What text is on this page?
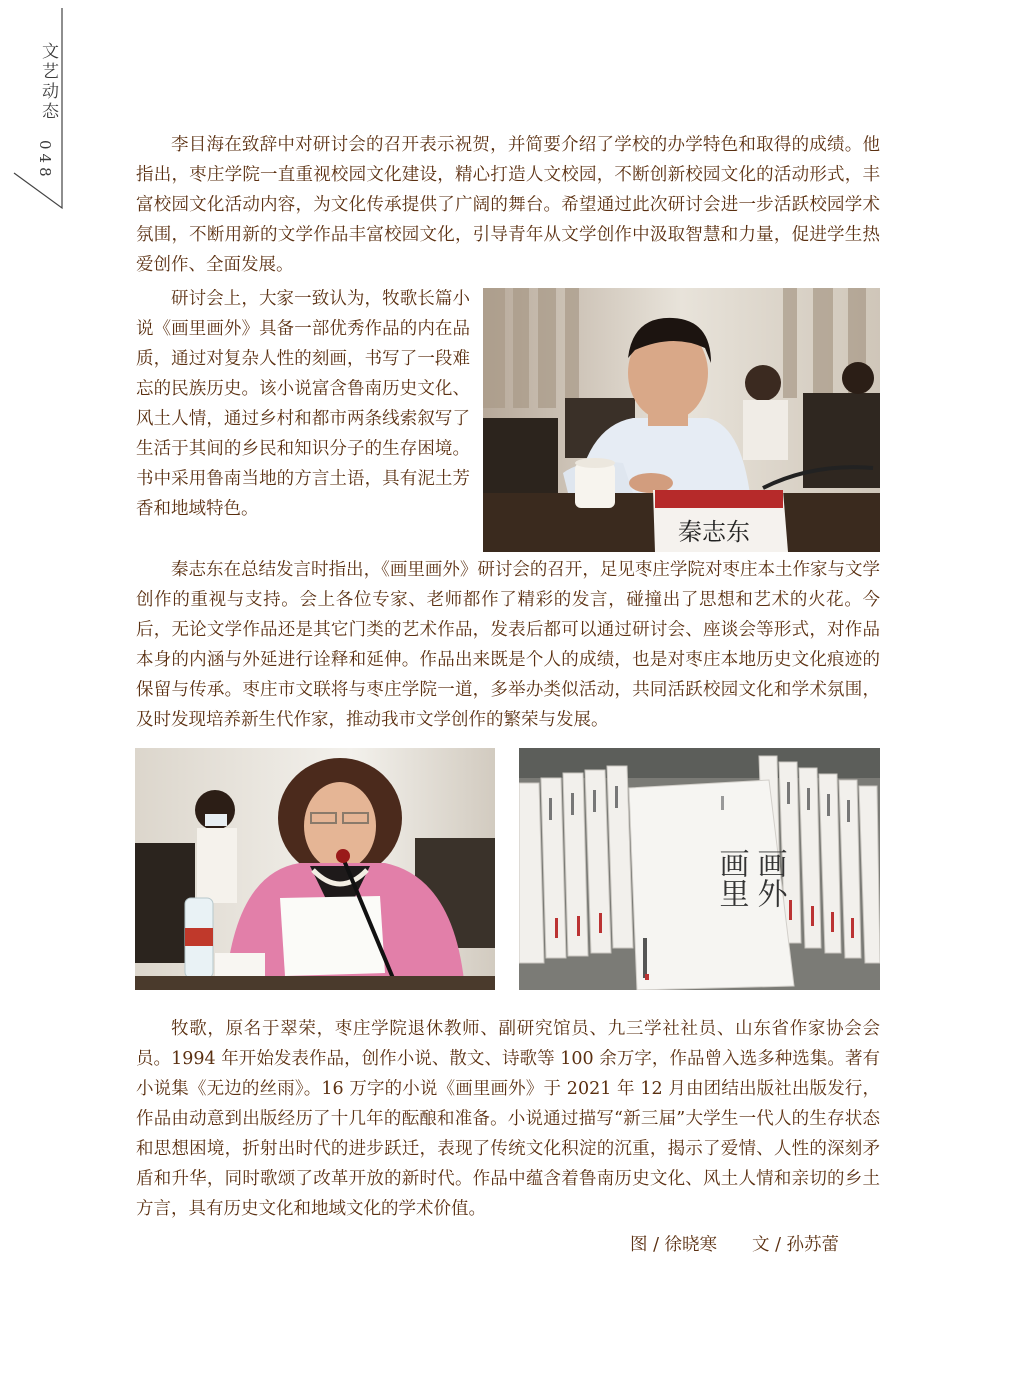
文艺动态
048	李目海在致辞中对研讨会的召开表示祝贺，并简要介绍了学校的办学特色和取得的成绩。他指出，枣庄学院一直重视校园文化建设，精心打造人文校园，不断创新校园文化的活动形式，丰富校园文化活动内容，为文化传承提供了广阔的舞台。希望通过此次研讨会进一步活跃校园学术氛围，不断用新的文学作品丰富校园文化，引导青年从文学创作中汲取智慧和力量，促进学生热爱创作、全面发展。

研讨会上，大家一致认为，牧歌长篇小说《画里画外》具备一部优秀作品的内在品质，通过对复杂人性的刻画，书写了一段难忘的民族历史。该小说富含鲁南历史文化、风土人情，通过乡村和都市两条线索叙写了生活于其间的乡民和知识分子的生存困境。书中采用鲁南当地的方言土语，具有泥土芳香和地域特色。

秦志东在总结发言时指出，《画里画外》研讨会的召开，足见枣庄学院对枣庄本土作家与文学创作的重视与支持。会上各位专家、老师都作了精彩的发言，碰撞出了思想和艺术的火花。今后，无论文学作品还是其它门类的艺术作品，发表后都可以通过研讨会、座谈会等形式，对作品本身的内涵与外延进行诠释和延伸。作品出来既是个人的成绩，也是对枣庄本地历史文化痕迹的保留与传承。枣庄市文联将与枣庄学院一道，多举办类似活动，共同活跃校园文化和学术氛围，及时发现培养新生代作家，推动我市文学创作的繁荣与发展。

牧歌，原名于翠荣，枣庄学院退休教师、副研究馆员、九三学社社员、山东省作家协会会员。1994 年开始发表作品，创作小说、散文、诗歌等 100 余万字，作品曾入选多种选集。著有小说集《无边的丝雨》。16 万字的小说《画里画外》于 2021 年 12 月由团结出版社出版发行，作品由动意到出版经历了十几年的酝酿和准备。小说通过描写“新三届”大学生一代人的生存状态和思想困境，折射出时代的进步跃迁，表现了传统文化积淀的沉重，揭示了爱情、人性的深刻矛盾和升华，同时歌颂了改革开放的新时代。作品中蕴含着鲁南历史文化、风土人情和亲切的乡土方言，具有历史文化和地域文化的学术价值。

图 / 徐晓寒　　文 / 孙苏蕾
秦志东
画里 画外
